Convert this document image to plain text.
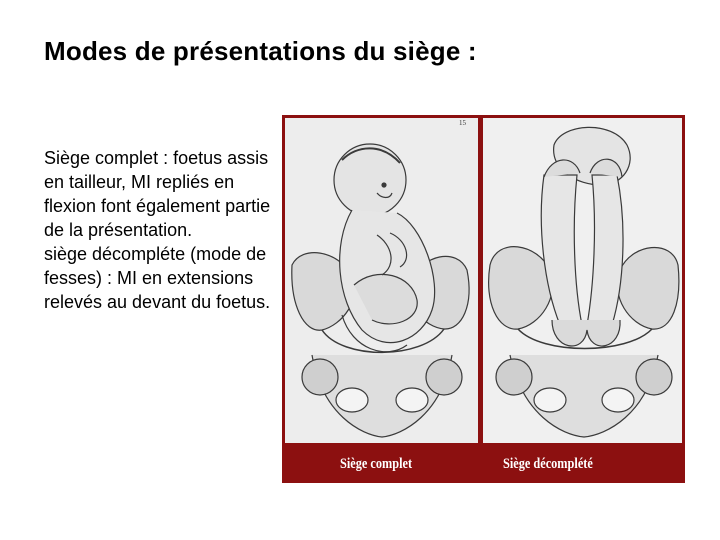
Modes de présentations du siège :

Siège complet : foetus assis en tailleur, MI repliés en flexion font également partie de la présentation.

siège décompléte (mode de fesses) : MI en extensions relevés au devant du foetus.

15
Siège complet	Siège décomplété
